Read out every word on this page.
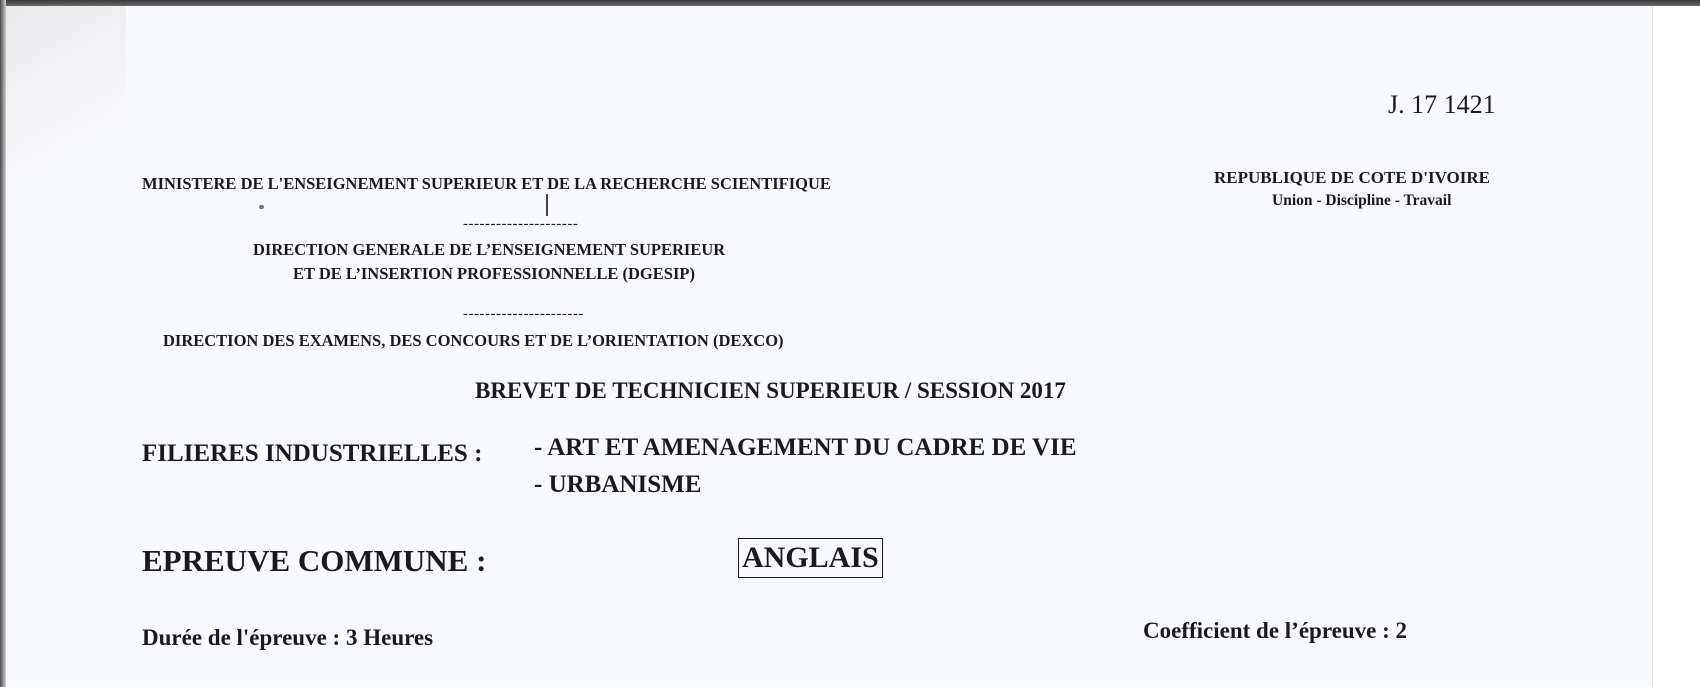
J. 17 1421
MINISTERE DE L'ENSEIGNEMENT SUPERIEUR ET DE LA RECHERCHE SCIENTIFIQUE	REPUBLIQUE DE COTE D'IVOIRE
Union - Discipline - Travail
---------------------
DIRECTION GENERALE DE L’ENSEIGNEMENT SUPERIEUR
ET DE L’INSERTION PROFESSIONNELLE (DGESIP)
----------------------
DIRECTION DES EXAMENS, DES CONCOURS ET DE L’ORIENTATION (DEXCO)
BREVET DE TECHNICIEN SUPERIEUR / SESSION 2017
FILIERES INDUSTRIELLES : - ART ET AMENAGEMENT DU CADRE DE VIE
- URBANISME
EPREUVE COMMUNE :	ANGLAIS
Durée de l'épreuve : 3 Heures	Coefficient de l’épreuve : 2
